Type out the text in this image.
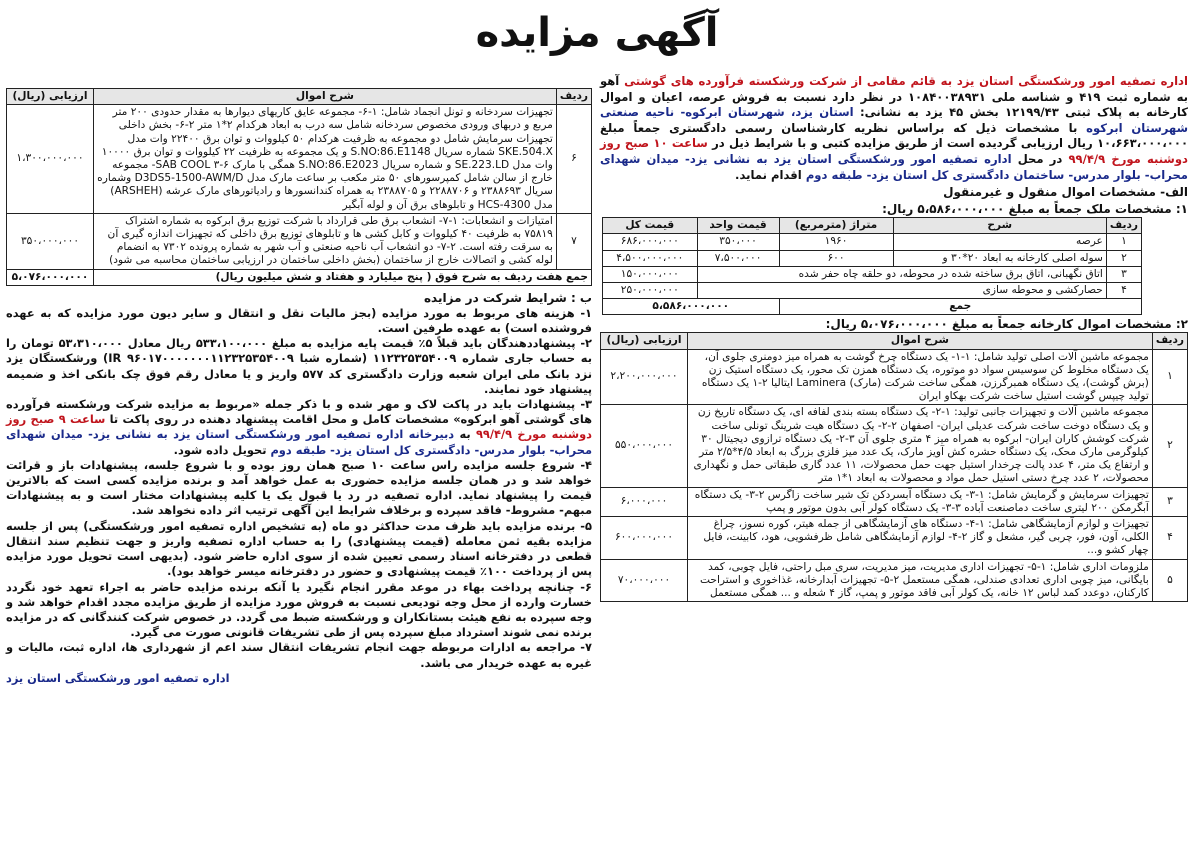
آگهی مزایده
اداره تصفیه امور ورشکستگی استان یزد به قائم مقامی از شرکت ورشکسته فرآورده های گوشتی آهو به شماره ثبت ۴۱۹ و شناسه ملی ۱۰۸۴۰۰۳۸۹۳۱ در نظر دارد نسبت به فروش عرصه، اعیان و اموال کارخانه به پلاک ثبتی ۱۲۱۹۹/۴۳ بخش ۴۵ یزد به نشانی: استان یزد، شهرستان ابرکوه- ناحیه صنعتی شهرستان ابرکوه با مشخصات ذیل که براساس نظریه کارشناسان رسمی دادگستری جمعاً مبلغ ۱۰،۶۶۳،۰۰۰،۰۰۰ ریال ارزیابی گردیده است از طریق مزایده کتبی و با شرایط ذیل در ساعت ۱۰ صبح روز دوشنبه مورخ ۹۹/۴/۹ در محل اداره تصفیه امور ورشکستگی استان یزد به نشانی یزد- میدان شهدای محراب- بلوار مدرس- ساختمان دادگستری کل استان یزد- طبقه دوم اقدام نماید.
الف- مشخصات اموال منقول و غیرمنقول
۱: مشخصات ملک جمعاً به مبلغ ۵،۵۸۶،۰۰۰،۰۰۰ ریال:
ردیف	شرح	متراژ (مترمربع)	قیمت واحد	قیمت کل
۱	عرصه	۱۹۶۰	۳۵۰،۰۰۰	۶۸۶،۰۰۰،۰۰۰
۲	سوله اصلی کارخانه به ابعاد ۲۰*۳۰ و	۶۰۰	۷،۵۰۰،۰۰۰	۴،۵۰۰،۰۰۰،۰۰۰
۳	اتاق نگهبانی، اتاق برق ساخته شده در محوطه، دو حلقه چاه حفر شده			۱۵۰،۰۰۰،۰۰۰
۴	حصارکشی و محوطه سازی			۲۵۰،۰۰۰،۰۰۰
جمع			۵،۵۸۶،۰۰۰،۰۰۰	
۲: مشخصات اموال کارخانه جمعاً به مبلغ ۵،۰۷۶،۰۰۰،۰۰۰ ریال:
ردیف	شرح اموال	ارزیابی (ریال)
۱	مجموعه ماشین آلات اصلی تولید شامل: ۱-۱- یک دستگاه چرخ گوشت به همراه میز دومنری جلوی آن، یک دستگاه مخلوط کن سوسیس سواد دو موتوره، یک دستگاه همزن تک محور، یک دستگاه استیک زن (برش گوشت)، یک دستگاه همبرگرزن، همگی ساخت شرکت (مارک) Laminera ایتالیا ۲-۱ یک دستگاه تولید چیپس گوشت استیل ساخت شرکت بهکاو ایران	۲،۲۰۰،۰۰۰،۰۰۰
۲	مجموعه ماشین آلات و تجهیزات جانبی تولید: ۱-۲- یک دستگاه بسته بندی لفافه ای، یک دستگاه تاریخ زن و یک دستگاه دوخت ساخت شرکت عدیلی ایران- اصفهان ۲-۲- یک دستگاه هیت شرینگ تونلی ساخت شرکت کوشش کاران ایران- ابرکوه به همراه میز ۴ متری جلوی آن ۳-۲- یک دستگاه ترازوی دیجیتال ۳۰ کیلوگرمی مارک محک، یک دستگاه حشره کش آویز مارک، یک عدد میز فلزی بزرگ به ابعاد ۴/۵*۲/۵ متر و ارتفاع یک متر، ۴ عدد پالت چرخدار استیل جهت حمل محصولات، ۱۱ عدد گاری طبقاتی حمل و نگهداری محصولات، ۲ عدد چرخ دستی استیل حمل مواد و محصولات به ابعاد ۱*۱ متر	۵۵۰،۰۰۰،۰۰۰
۳	تجهیزات سرمایش و گرمایش شامل: ۱-۳- یک دستگاه آبسردکن تک شیر ساخت زاگرس ۲-۳- یک دستگاه آبگرمکن ۲۰۰ لیتری ساخت دماصنعت آباده ۳-۳- یک دستگاه کولر آبی بدون موتور و پمپ	۶،۰۰۰،۰۰۰
۴	تجهیزات و لوازم آزمایشگاهی شامل: ۱-۴- دستگاه های آزمایشگاهی از جمله هیتر، کوره نسوز، چراغ الکلی، آون، فور، چربی گیر، مشعل و گاز ۲-۴- لوازم آزمایشگاهی شامل ظرفشویی، هود، کابینت، فایل چهار کشو و...	۶۰۰،۰۰۰،۰۰۰
۵	ملزومات اداری شامل: ۱-۵- تجهیزات اداری مدیریت، میز مدیریت، سری مبل راحتی، فایل چوبی، کمد بایگانی، میز چوبی اداری تعدادی صندلی، همگی مستعمل ۲-۵- تجهیزات آبدارخانه، غذاخوری و استراحت کارکنان، دوعدد کمد لباس ۱۲ خانه، یک کولر آبی فاقد موتور و پمپ، گاز ۴ شعله و ... همگی مستعمل	۷۰،۰۰۰،۰۰۰
ردیف	شرح اموال	ارزیابی (ریال)
۶	تجهیزات سردخانه و تونل انجماد شامل: ۱-۶- مجموعه عایق کاریهای دیوارها به مقدار حدودی ۲۰۰ متر مربع و دربهای ورودی مخصوص سردخانه شامل سه درب به ابعاد هرکدام ۲*۱ متر ۲-۶- بخش داخلی تجهیزات سرمایش شامل دو مجموعه به ظرفیت هرکدام ۵۰ کیلووات و توان برق ۲۲۴۰۰ وات مدل SKE.504.X شماره سریال S.NO:86.E1148 و یک مجموعه به ظرفیت ۲۲ کیلووات و توان برق ۱۰۰۰۰ وات مدل SE.223.LD و شماره سریال S.NO:86.E2023 همگی با مارک SAB COOL ۳-۶- مجموعه خارج از سالن شامل کمپرسورهای ۵۰ متر مکعب بر ساعت مارک مدل D3DS5-1500-AWM/D وشماره سریال ۲۳۸۸۶۹۳ و ۲۲۸۸۷۰۶ و ۲۳۸۸۷۰۵ به همراه کندانسورها و رادیاتورهای مارک عرشه (ARSHEH) مدل HCS-4300 و تابلوهای برق آن و لوله آبگیر	۱،۳۰۰،۰۰۰،۰۰۰
۷	امتیازات و انشعابات: ۱-۷- انشعاب برق طی قرارداد با شرکت توزیع برق ابرکوه به شماره اشتراک ۷۵۸۱۹ به ظرفیت ۴۰ کیلووات و کابل کشی ها و تابلوهای توزیع برق داخلی که تجهیزات اندازه گیری آن به سرقت رفته است. ۲-۷- دو انشعاب آب ناحیه صنعتی و آب شهر به شماره پرونده ۷۳۰۲ به انضمام لوله کشی و اتصالات خارج از ساختمان (بخش داخلی ساختمان در ارزیابی ساختمان محاسبه می شود)	۳۵۰،۰۰۰،۰۰۰
جمع هفت ردیف به شرح فوق ( پنج میلیارد و هفتاد و شش میلیون ریال)		۵،۰۷۶،۰۰۰،۰۰۰

ب : شرایط شرکت در مزایده

۱- هزینه های مربوط به مورد مزایده (بجز مالیات نقل و انتقال و سایر دیون مورد مزایده که به عهده فروشنده است) به عهده طرفین است.

۲- پیشنهاددهندگان باید قبلاً ۵٪ قیمت پایه مزایده به مبلغ ۵۳۳،۱۰۰،۰۰۰ ریال معادل ۵۳،۳۱۰،۰۰۰ تومان را به حساب جاری شماره ۱۱۲۳۲۵۳۵۴۰۰۹ (شماره شبا IR ۹۶۰۱۷۰۰۰۰۰۰۰۱۱۲۳۲۵۳۵۴۰۰۹) ورشکستگان یزد نزد بانک ملی ایران شعبه وزارت دادگستری کد ۵۷۷ واریز و یا معادل رقم فوق چک بانکی اخذ و ضمیمه پیشنهاد خود نمایند.

۳- پیشنهادات باید در پاکت لاک و مهر شده و با ذکر جمله «مربوط به مزایده شرکت ورشکسته فرآورده های گوشتی آهو ابرکوه» مشخصات کامل و محل اقامت پیشنهاد دهنده در روی پاکت تا ساعت ۹ صبح روز دوشنبه مورخ ۹۹/۴/۹ به دبیرخانه اداره تصفیه امور ورشکستگی استان یزد به نشانی یزد- میدان شهدای محراب- بلوار مدرس- دادگستری کل استان یزد- طبقه دوم تحویل داده شود.

۴- شروع جلسه مزایده راس ساعت ۱۰ صبح همان روز بوده و با شروع جلسه، پیشنهادات باز و قرائت خواهد شد و در همان جلسه مزایده حضوری به عمل خواهد آمد و برنده مزایده کسی است که بالاترین قیمت را پیشنهاد نماید. اداره تصفیه در رد یا قبول یک یا کلیه پیشنهادات مختار است و به پیشنهادات مبهم- مشروط- فاقد سپرده و برخلاف شرایط این آگهی ترتیب اثر داده نخواهد شد.

۵- برنده مزایده باید ظرف مدت حداکثر دو ماه (به تشخیص اداره تصفیه امور ورشکستگی) پس از جلسه مزایده بقیه ثمن معامله (قیمت پیشنهادی) را به حساب اداره تصفیه واریز و جهت تنظیم سند انتقال قطعی در دفترخانه اسناد رسمی تعیین شده از سوی اداره حاضر شود. (بدیهی است تحویل مورد مزایده پس از پرداخت ۱۰۰٪ قیمت پیشنهادی و حضور در دفترخانه میسر خواهد بود).

۶- چنانچه پرداخت بهاء در موعد مقرر انجام نگیرد یا آنکه برنده مزایده حاضر به اجراء تعهد خود نگردد خسارت وارده از محل وجه تودیعی نسبت به فروش مورد مزایده از طریق مزایده مجدد اقدام خواهد شد و وجه سپرده به نفع هیئت بستانکاران و ورشکسته ضبط می گردد. در خصوص شرکت کنندگانی که در مزایده برنده نمی شوند استرداد مبلغ سپرده پس از طی تشریفات قانونی صورت می گیرد.

۷- مراجعه به ادارات مربوطه جهت انجام تشریفات انتقال سند اعم از شهرداری ها، اداره ثبت، مالیات و غیره به عهده خریدار می باشد.

اداره تصفیه امور ورشکستگی استان یزد
